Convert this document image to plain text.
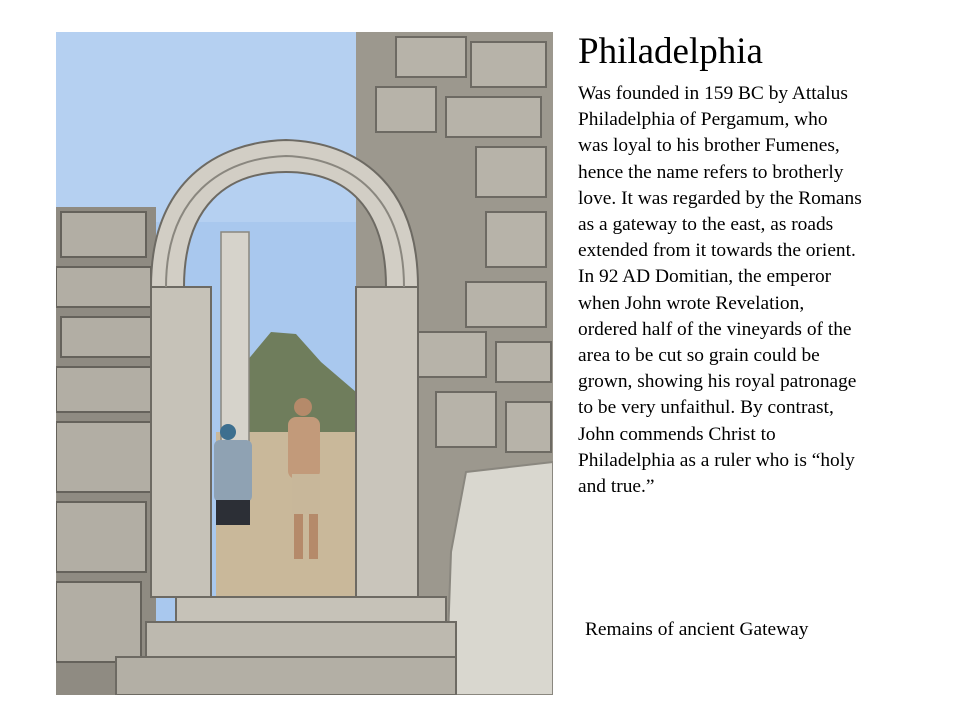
Philadelphia

Was founded in 159 BC by Attalus
Philadelphia of Pergamum, who
was loyal to his brother Fumenes,
hence the name refers to brotherly
love. It was regarded by the Romans
as a gateway to the east, as roads
extended from it towards the orient.
In 92 AD Domitian, the emperor
when John wrote Revelation,
ordered half of the vineyards of the
area to be cut so grain could be
grown, showing his royal patronage
to be very unfaithul. By contrast,
John commends Christ to
Philadelphia as a ruler who is “holy
and true.”

Remains of ancient Gateway
